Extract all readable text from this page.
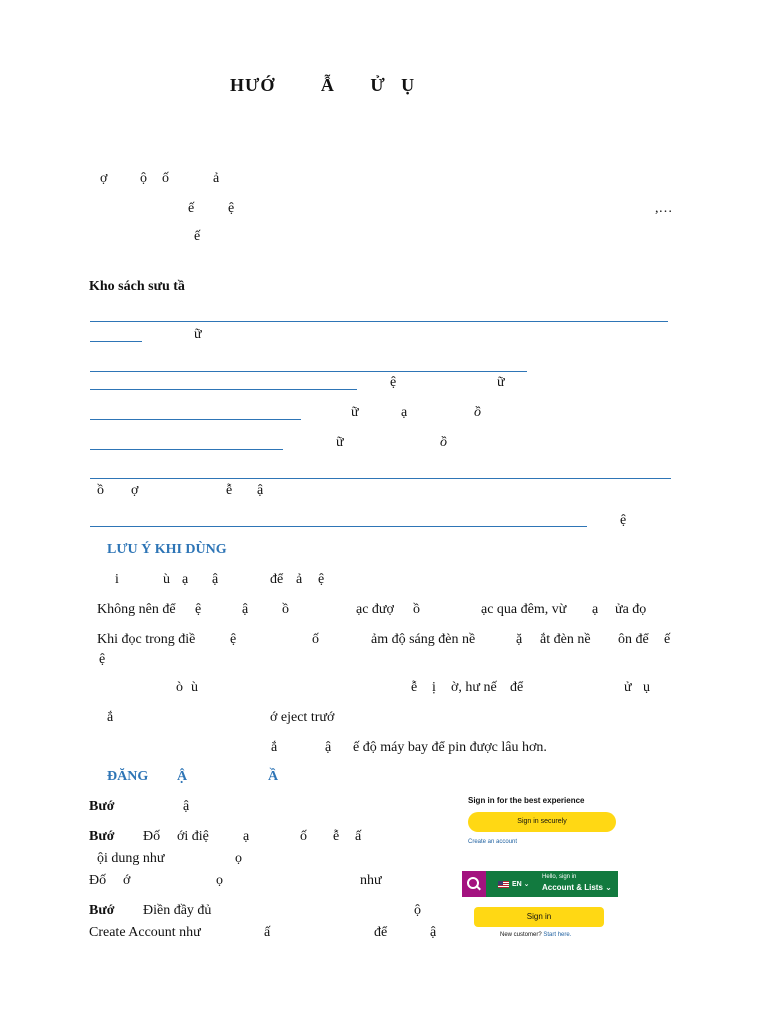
HƯỚ	Ẫ Ử Ụ
ợ ộ ố	ả
ế ệ	,…
ế
Kho sách sưu tầ
ữ
ệ	ữ
ữ	ạ	ồ
ữ	ồ
ồ ợ	ễ ậ
ệ
LƯU Ý KHI DÙNG
i	ù ạ ậ	để ả ệ
Không nên để ệ	ậ ồ	ạc đượ ồ	ạc qua đêm, vừ ạ ửa đọ
Khi đọc trong điề ệ	ố	ảm độ sáng đèn nề	ặ ắt đèn nề ôn để ế
ệ
ò ù	ễ ị ờ, hư nế để	ử ụ
ắ	ớ eject trướ
ắ	ậ ế độ máy bay để pin được lâu hơn.
ĐĂNG Ậ	Ầ
Bướ	ậ
Bướ Đố ới điệ ạ	ố ễ ấ
ội dung như	ọ
Đố ớ	ọ	như
Bướ Điền đầy đủ	ộ
Create Account như	ấ	để	ậ
Sign in for the best experience
Sign in securely
Create an account
EN ⌄
Hello, sign in
Account & Lists ⌄
Sign in
New customer? Start here.
